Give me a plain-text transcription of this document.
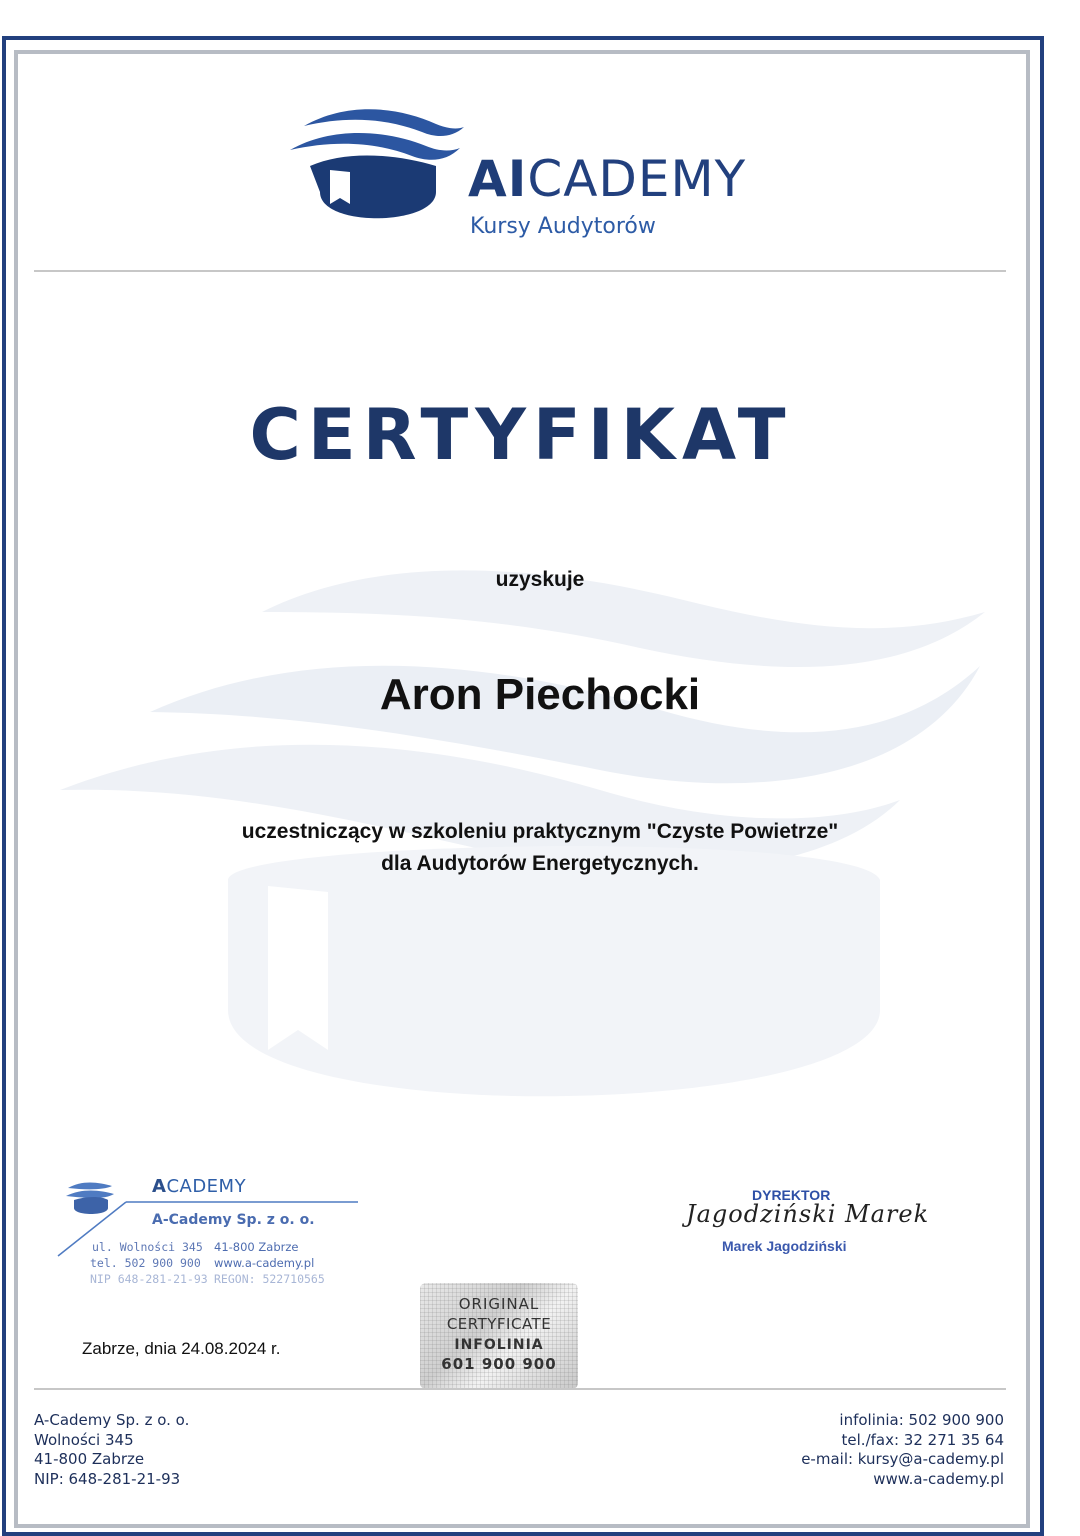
AICADEMY
Kursy Audytorów
CERTYFIKAT
uzyskuje
Aron Piechocki
uczestniczący w szkoleniu praktycznym "Czyste Powietrze"
dla Audytorów Energetycznych.
ACADEMY
A-Cademy Sp. z o. o.
ul. Wolności 345 41-800 Zabrze
tel. 502 900 900 www.a-cademy.pl
NIP 648-281-21-93 REGON: 522710565
Zabrze, dnia 24.08.2024 r.
ORIGINAL
CERTYFICATE
INFOLINIA
601 900 900
DYREKTOR
Jagodziński Marek
Marek Jagodziński
A-Cademy Sp. z o. o.
Wolności 345
41-800 Zabrze
NIP: 648-281-21-93
infolinia: 502 900 900
tel./fax: 32 271 35 64
e-mail: kursy@a-cademy.pl
www.a-cademy.pl
